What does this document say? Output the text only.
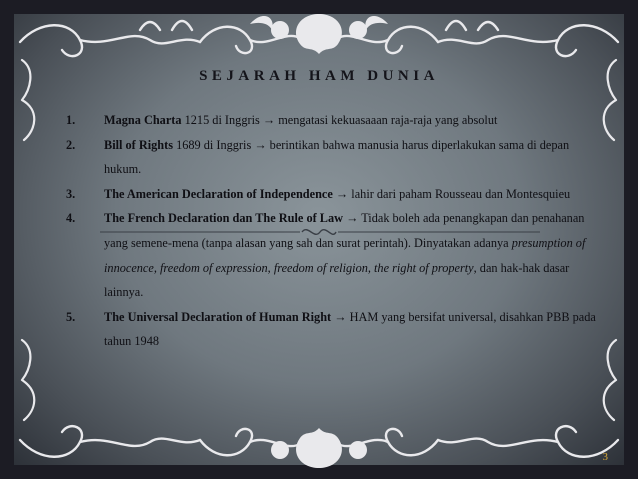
SEJARAH HAM DUNIA
1. Magna Charta 1215 di Inggris → mengatasi kekuasaaan raja-raja yang absolut
2. Bill of Rights 1689 di Inggris → berintikan bahwa manusia harus diperlakukan sama di depan hukum.
3. The American Declaration of Independence → lahir dari paham Rousseau dan Montesquieu
4. The French Declaration dan The Rule of Law → Tidak boleh ada penangkapan dan penahanan yang semene-mena (tanpa alasan yang sah dan surat perintah). Dinyatakan adanya presumption of innocence, freedom of expression, freedom of religion, the right of property, dan hak-hak dasar lainnya.
5. The Universal Declaration of Human Right → HAM yang bersifat universal, disahkan PBB pada tahun 1948
3
